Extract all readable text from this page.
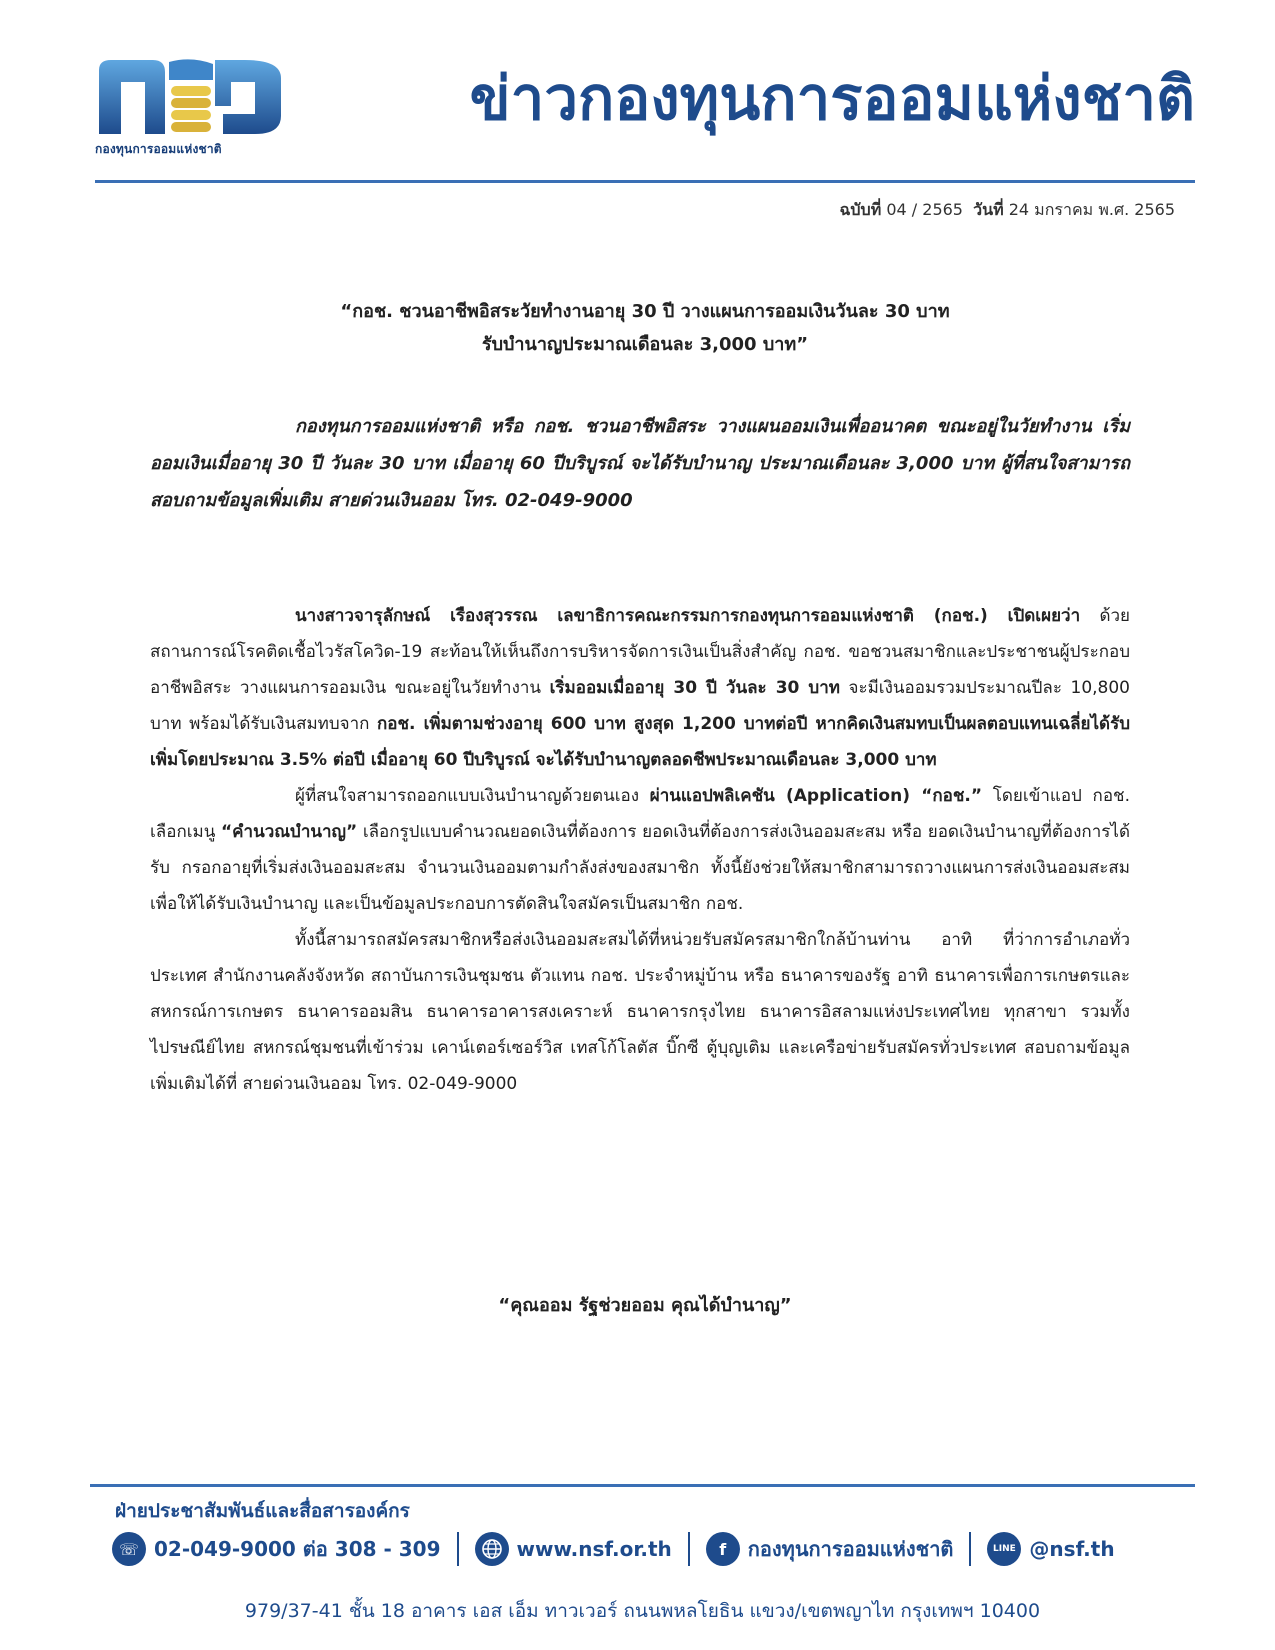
กองทุนการออมแห่งชาติ
ข่าวกองทุนการออมแห่งชาติ
ฉบับที่ 04 / 2565 วันที่ 24 มกราคม พ.ศ. 2565
“กอช. ชวนอาชีพอิสระวัยทำงานอายุ 30 ปี วางแผนการออมเงินวันละ 30 บาท
รับบำนาญประมาณเดือนละ 3,000 บาท”

กองทุนการออมแห่งชาติ หรือ กอช. ชวนอาชีพอิสระ วางแผนออมเงินเพื่ออนาคต ขณะอยู่ในวัยทำงาน เริ่มออมเงินเมื่ออายุ 30 ปี วันละ 30 บาท เมื่ออายุ 60 ปีบริบูรณ์ จะได้รับบำนาญ ประมาณเดือนละ 3,000 บาท ผู้ที่สนใจสามารถสอบถามข้อมูลเพิ่มเติม สายด่วนเงินออม โทร. 02-049-9000

นางสาวจารุลักษณ์ เรืองสุวรรณ เลขาธิการคณะกรรมการกองทุนการออมแห่งชาติ (กอช.) เปิดเผยว่า ด้วยสถานการณ์โรคติดเชื้อไวรัสโควิด-19 สะท้อนให้เห็นถึงการบริหารจัดการเงินเป็นสิ่งสำคัญ กอช. ขอชวนสมาชิกและประชาชนผู้ประกอบอาชีพอิสระ วางแผนการออมเงิน ขณะอยู่ในวัยทำงาน เริ่มออมเมื่ออายุ 30 ปี วันละ 30 บาท จะมีเงินออมรวมประมาณปีละ 10,800 บาท พร้อมได้รับเงินสมทบจาก กอช. เพิ่มตามช่วงอายุ 600 บาท สูงสุด 1,200 บาทต่อปี หากคิดเงินสมทบเป็นผลตอบแทนเฉลี่ยได้รับเพิ่มโดยประมาณ 3.5% ต่อปี เมื่ออายุ 60 ปีบริบูรณ์ จะได้รับบำนาญตลอดชีพประมาณเดือนละ 3,000 บาท

ผู้ที่สนใจสามารถออกแบบเงินบำนาญด้วยตนเอง ผ่านแอปพลิเคชัน (Application) “กอช.” โดยเข้าแอป กอช. เลือกเมนู “คำนวณบำนาญ” เลือกรูปแบบคำนวณยอดเงินที่ต้องการ ยอดเงินที่ต้องการส่งเงินออมสะสม หรือ ยอดเงินบำนาญที่ต้องการได้รับ กรอกอายุที่เริ่มส่งเงินออมสะสม จำนวนเงินออมตามกำลังส่งของสมาชิก ทั้งนี้ยังช่วยให้สมาชิกสามารถวางแผนการส่งเงินออมสะสมเพื่อให้ได้รับเงินบำนาญ และเป็นข้อมูลประกอบการตัดสินใจสมัครเป็นสมาชิก กอช.

ทั้งนี้สามารถสมัครสมาชิกหรือส่งเงินออมสะสมได้ที่หน่วยรับสมัครสมาชิกใกล้บ้านท่าน อาทิ ที่ว่าการอำเภอทั่วประเทศ สำนักงานคลังจังหวัด สถาบันการเงินชุมชน ตัวแทน กอช. ประจำหมู่บ้าน หรือ ธนาคารของรัฐ อาทิ ธนาคารเพื่อการเกษตรและสหกรณ์การเกษตร ธนาคารออมสิน ธนาคารอาคารสงเคราะห์ ธนาคารกรุงไทย ธนาคารอิสลามแห่งประเทศไทย ทุกสาขา รวมทั้งไปรษณีย์ไทย สหกรณ์ชุมชนที่เข้าร่วม เคาน์เตอร์เซอร์วิส เทสโก้โลตัส บิ๊กซี ตู้บุญเติม และเครือข่ายรับสมัครทั่วประเทศ สอบถามข้อมูลเพิ่มเติมได้ที่ สายด่วนเงินออม โทร. 02-049-9000

“คุณออม รัฐช่วยออม คุณได้บำนาญ”
ฝ่ายประชาสัมพันธ์และสื่อสารองค์กร
☏ 02-049-9000 ต่อ 308 - 309	www.nsf.or.th	f	กองทุนการออมแห่งชาติ	LINE @nsf.th
979/37-41 ชั้น 18 อาคาร เอส เอ็ม ทาวเวอร์ ถนนพหลโยธิน แขวง/เขตพญาไท กรุงเทพฯ 10400
